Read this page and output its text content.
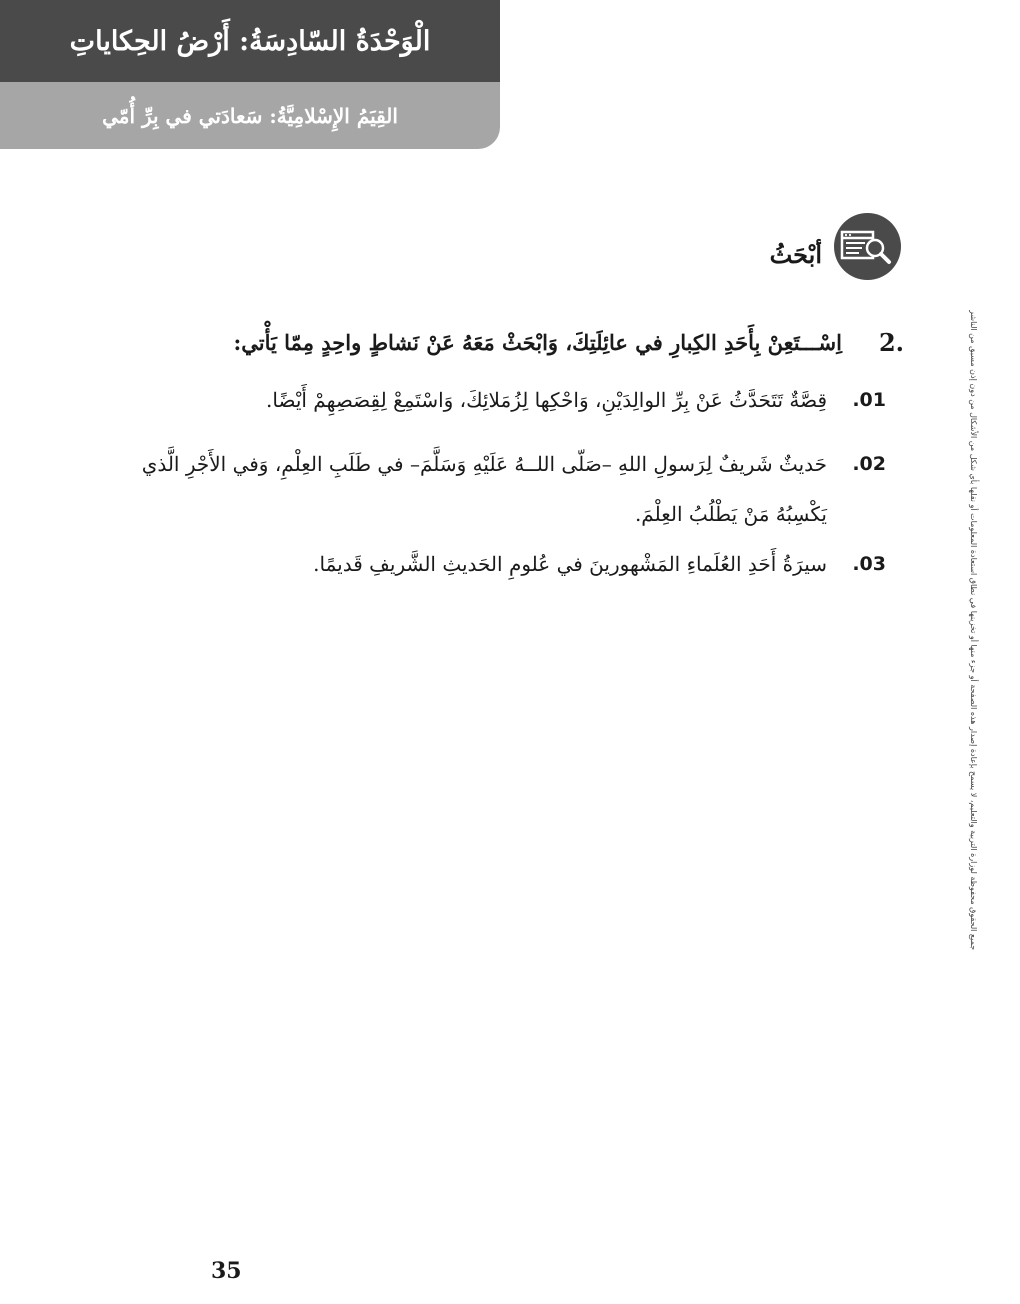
الْوَحْدَةُ السّادِسَةُ: أَرْضُ الحِكاياتِ
القِيَمُ الإِسْلامِيَّةُ: سَعادَتي في بِرِّ أُمّي
أبْحَثُ
جميع الحقوق محفوظة لوزارة التربية والتعليم، لا يسمح بإعادة إصدار هذه الصفحة أو جزء منها أو تخزينها في نطاق استعادة المعلومات أو نقلها بأي شكل من الأشكال من دون إذن مسبق من الناشر
2.
اِسْـــتَعِنْ بِأَحَدِ الكِبارِ في عائِلَتِكَ، وَابْحَثْ مَعَهُ عَنْ نَشاطٍ واحِدٍ مِمّا يَأْتي:
.01
قِصَّةٌ تَتَحَدَّثُ عَنْ بِرِّ الوالِدَيْنِ، وَاحْكِها لِزُمَلائِكَ، وَاسْتَمِعْ لِقِصَصِهِمْ أَيْضًا.
.02
حَديثٌ شَريفٌ لِرَسولِ اللهِ –صَلّى اللــهُ عَلَيْهِ وَسَلَّمَ– في طَلَبِ العِلْمِ، وَفي الأَجْرِ الَّذي يَكْسِبُهُ مَنْ يَطْلُبُ العِلْمَ.
.03
سيرَةُ أَحَدِ العُلَماءِ المَشْهورينَ في عُلومِ الحَديثِ الشَّريفِ قَديمًا.
35
